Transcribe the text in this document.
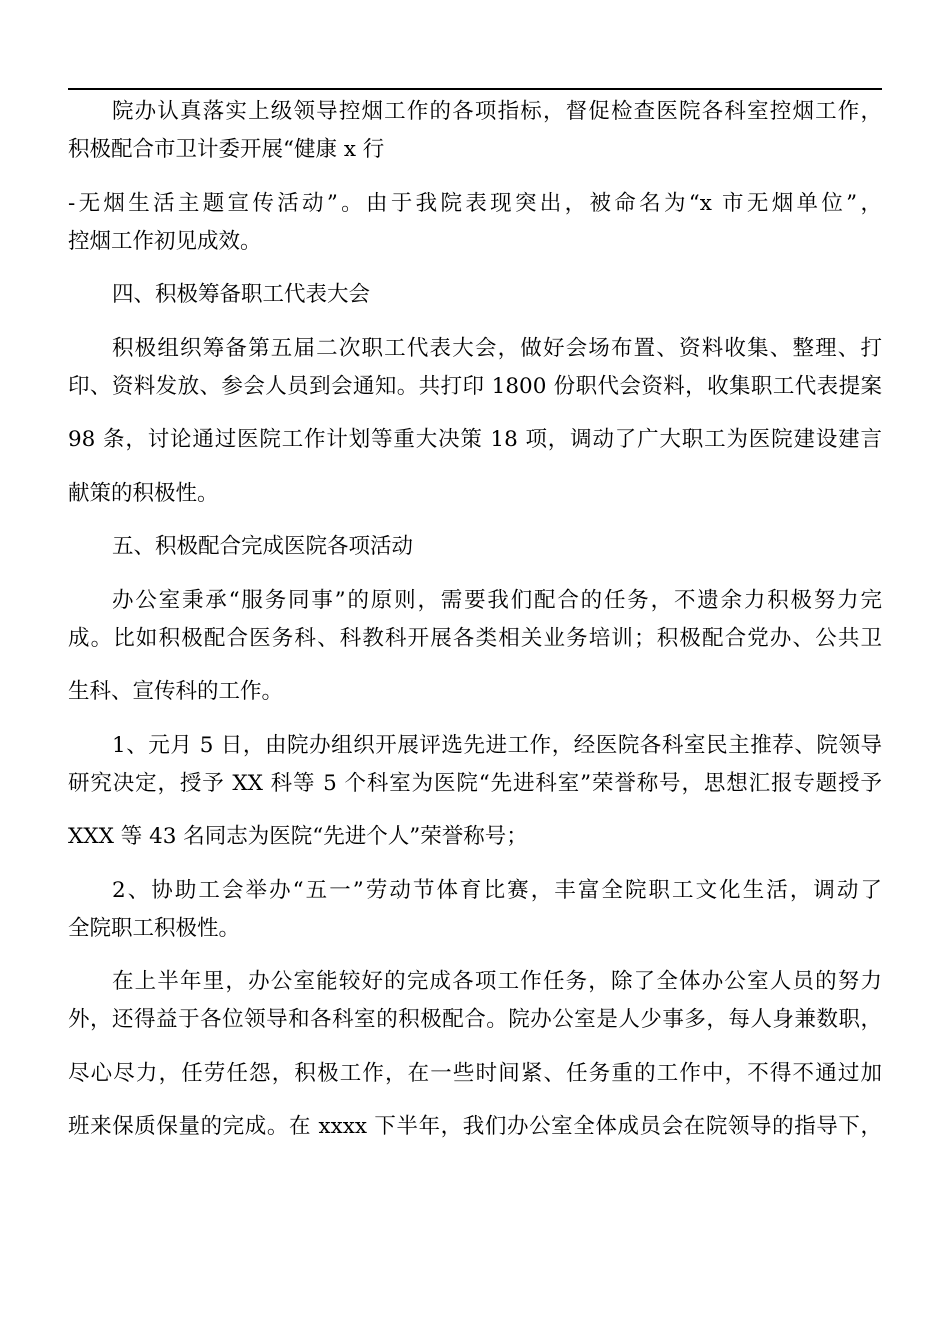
院办认真落实上级领导控烟工作的各项指标，督促检查医院各科室控烟工作，

积极配合市卫计委开展“健康 x 行

-无烟生活主题宣传活动”。由于我院表现突出，被命名为“x 市无烟单位”，

控烟工作初见成效。

四、积极筹备职工代表大会

积极组织筹备第五届二次职工代表大会，做好会场布置、资料收集、整理、打

印、资料发放、参会人员到会通知。共打印 1800 份职代会资料，收集职工代表提案

98 条，讨论通过医院工作计划等重大决策 18 项，调动了广大职工为医院建设建言

献策的积极性。

五、积极配合完成医院各项活动

办公室秉承“服务同事”的原则，需要我们配合的任务，不遗余力积极努力完

成。比如积极配合医务科、科教科开展各类相关业务培训；积极配合党办、公共卫

生科、宣传科的工作。

1、元月 5 日，由院办组织开展评选先进工作，经医院各科室民主推荐、院领导

研究决定，授予 XX 科等 5 个科室为医院“先进科室”荣誉称号，思想汇报专题授予

XXX 等 43 名同志为医院“先进个人”荣誉称号；

2、协助工会举办“五一”劳动节体育比赛，丰富全院职工文化生活，调动了

全院职工积极性。

在上半年里，办公室能较好的完成各项工作任务，除了全体办公室人员的努力

外，还得益于各位领导和各科室的积极配合。院办公室是人少事多，每人身兼数职，

尽心尽力，任劳任怨，积极工作，在一些时间紧、任务重的工作中，不得不通过加

班来保质保量的完成。在 xxxx 下半年，我们办公室全体成员会在院领导的指导下，
